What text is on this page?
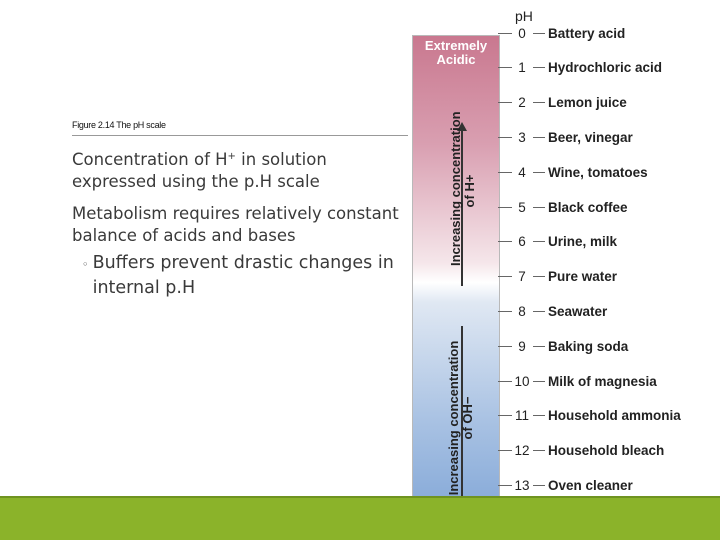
Figure 2.14 The pH scale
Concentration of H+ in solution expressed using the p.H scale
Metabolism requires relatively constant balance of acids and bases
◦ Buffers prevent drastic changes in internal p.H
pH
Extremely
Acidic
Increasing concentration of H+
Increasing concentration of OH−
0	Battery acid
1	Hydrochloric acid
2	Lemon juice
3	Beer, vinegar
4	Wine, tomatoes
5	Black coffee
6	Urine, milk
7	Pure water
8	Seawater
9	Baking soda
10 Milk of magnesia
11 Household ammonia
12 Household bleach
13 Oven cleaner
